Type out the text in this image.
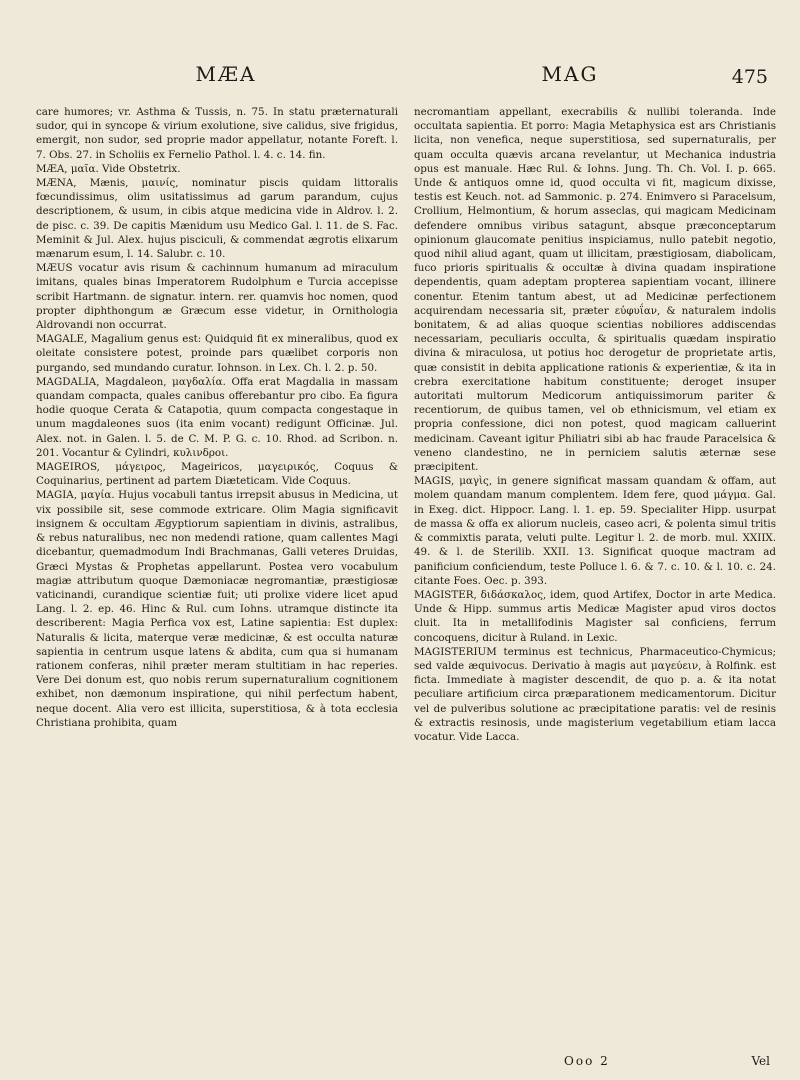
MÆA	MAG	475

care humores; vr. Asthma & Tussis, n. 75. In statu præternaturali sudor, qui in syncope & virium exolutione, sive calidus, sive frigidus, emergit, non sudor, sed proprie mador appellatur, notante Foreft. l. 7. Obs. 27. in Scholiis ex Fernelio Pathol. l. 4. c. 14. fin.

MÆA, μαῖα. Vide Obstetrix.

MÆNA, Mænis, μαινίς, nominatur piscis quidam littoralis fœcundissimus, olim usitatissimus ad garum parandum, cujus descriptionem, & usum, in cibis atque medicina vide in Aldrov. l. 2. de pisc. c. 39. De capitis Mænidum usu Medico Gal. l. 11. de S. Fac. Meminit & Jul. Alex. hujus pisciculi, & commendat ægrotis elixarum mænarum esum, l. 14. Salubr. c. 10.

MÆUS vocatur avis risum & cachinnum humanum ad miraculum imitans, quales binas Imperatorem Rudolphum e Turcia accepisse scribit Hartmann. de signatur. intern. rer. quamvis hoc nomen, quod propter diphthongum æ Græcum esse videtur, in Ornithologia Aldrovandi non occurrat.

MAGALE, Magalium genus est: Quidquid fit ex mineralibus, quod ex oleitate consistere potest, proinde pars quælibet corporis non purgando, sed mundando curatur. Iohnson. in Lex. Ch. l. 2. p. 50.

MAGDALIA, Magdaleon, μαγδαλία. Offa erat Magdalia in massam quandam compacta, quales canibus offerebantur pro cibo. Ea figura hodie quoque Cerata & Catapotia, quum compacta congestaque in unum magdaleones suos (ita enim vocant) redigunt Officinæ. Jul. Alex. not. in Galen. l. 5. de C. M. P. G. c. 10. Rhod. ad Scribon. n. 201. Vocantur & Cylindri, κυλινδροι.

MAGEIROS, μάγειρος, Mageiricos, μαγειρικός, Coquus & Coquinarius, pertinent ad partem Diæteticam. Vide Coquus.

MAGIA, μαγία. Hujus vocabuli tantus irrepsit abusus in Medicina, ut vix possibile sit, sese commode extricare. Olim Magia significavit insignem & occultam Ægyptiorum sapientiam in divinis, astralibus, & rebus naturalibus, nec non medendi ratione, quam callentes Magi dicebantur, quemadmodum Indi Brachmanas, Galli veteres Druidas, Græci Mystas & Prophetas appellarunt. Postea vero vocabulum magiæ attributum quoque Dæmoniacæ negromantiæ, præstigiosæ vaticinandi, curandique scientiæ fuit; uti prolixe videre licet apud Lang. l. 2. ep. 46. Hinc & Rul. cum Iohns. utramque distincte ita describerent: Magia Perfica vox est, Latine sapientia: Est duplex: Naturalis & licita, materque veræ medicinæ, & est occulta naturæ sapientia in centrum usque latens & abdita, cum qua si humanam rationem conferas, nihil præter meram stultitiam in hac reperies. Vere Dei donum est, quo nobis rerum supernaturalium cognitionem exhibet, non dæmonum inspiratione, qui nihil perfectum habent, neque docent. Alia vero est illicita, superstitiosa, & à tota ecclesia Christiana prohibita, quam

necromantiam appellant, execrabilis & nullibi toleranda. Inde occultata sapientia. Et porro: Magia Metaphysica est ars Christianis licita, non venefica, neque superstitiosa, sed supernaturalis, per quam occulta quævis arcana revelantur, ut Mechanica industria opus est manuale. Hæc Rul. & Iohns. Jung. Th. Ch. Vol. I. p. 665. Unde & antiquos omne id, quod occulta vi fit, magicum dixisse, testis est Keuch. not. ad Sammonic. p. 274. Enimvero si Paracelsum, Crollium, Helmontium, & horum asseclas, qui magicam Medicinam defendere omnibus viribus satagunt, absque præconceptarum opinionum glaucomate penitius inspiciamus, nullo patebit negotio, quod nihil aliud agant, quam ut illicitam, præstigiosam, diabolicam, fuco prioris spiritualis & occultæ à divina quadam inspiratione dependentis, quam adeptam propterea sapientiam vocant, illinere conentur. Etenim tantum abest, ut ad Medicinæ perfectionem acquirendam necessaria sit, præter εὐφυΐαν, & naturalem indolis bonitatem, & ad alias quoque scientias nobiliores addiscendas necessariam, peculiaris occulta, & spiritualis quædam inspiratio divina & miraculosa, ut potius hoc derogetur de proprietate artis, quæ consistit in debita applicatione rationis & experientiæ, & ita in crebra exercitatione habitum constituente; deroget insuper autoritati multorum Medicorum antiquissimorum pariter & recentiorum, de quibus tamen, vel ob ethnicismum, vel etiam ex propria confessione, dici non potest, quod magicam calluerint medicinam. Caveant igitur Philiatri sibi ab hac fraude Paracelsica & veneno clandestino, ne in perniciem salutis æternæ sese præcipitent.

MAGIS, μαγὶς, in genere significat massam quandam & offam, aut molem quandam manum complentem. Idem fere, quod μάγμα. Gal. in Exeg. dict. Hippocr. Lang. l. 1. ep. 59. Specialiter Hipp. usurpat de massa & offa ex aliorum nucleis, caseo acri, & polenta simul tritis & commixtis parata, veluti pulte. Legitur l. 2. de morb. mul. XXIIX. 49. & l. de Sterilib. XXII. 13. Significat quoque mactram ad panificium conficiendum, teste Polluce l. 6. & 7. c. 10. & l. 10. c. 24. citante Foes. Oec. p. 393.

MAGISTER, διδάσκαλος, idem, quod Artifex, Doctor in arte Medica. Unde & Hipp. summus artis Medicæ Magister apud viros doctos cluit. Ita in metallifodinis Magister sal conficiens, ferrum concoquens, dicitur à Ruland. in Lexic.

MAGISTERIUM terminus est technicus, Pharmaceutico-Chymicus; sed valde æquivocus. Derivatio à magis aut μαγεύειν, à Rolfink. est ficta. Immediate à magister descendit, de quo p. a. & ita notat peculiare artificium circa præparationem medicamentorum. Dicitur vel de pulveribus solutione ac præcipitatione paratis: vel de resinis & extractis resinosis, unde magisterium vegetabilium etiam lacca vocatur. Vide Lacca.

Ooo 2	Vel
